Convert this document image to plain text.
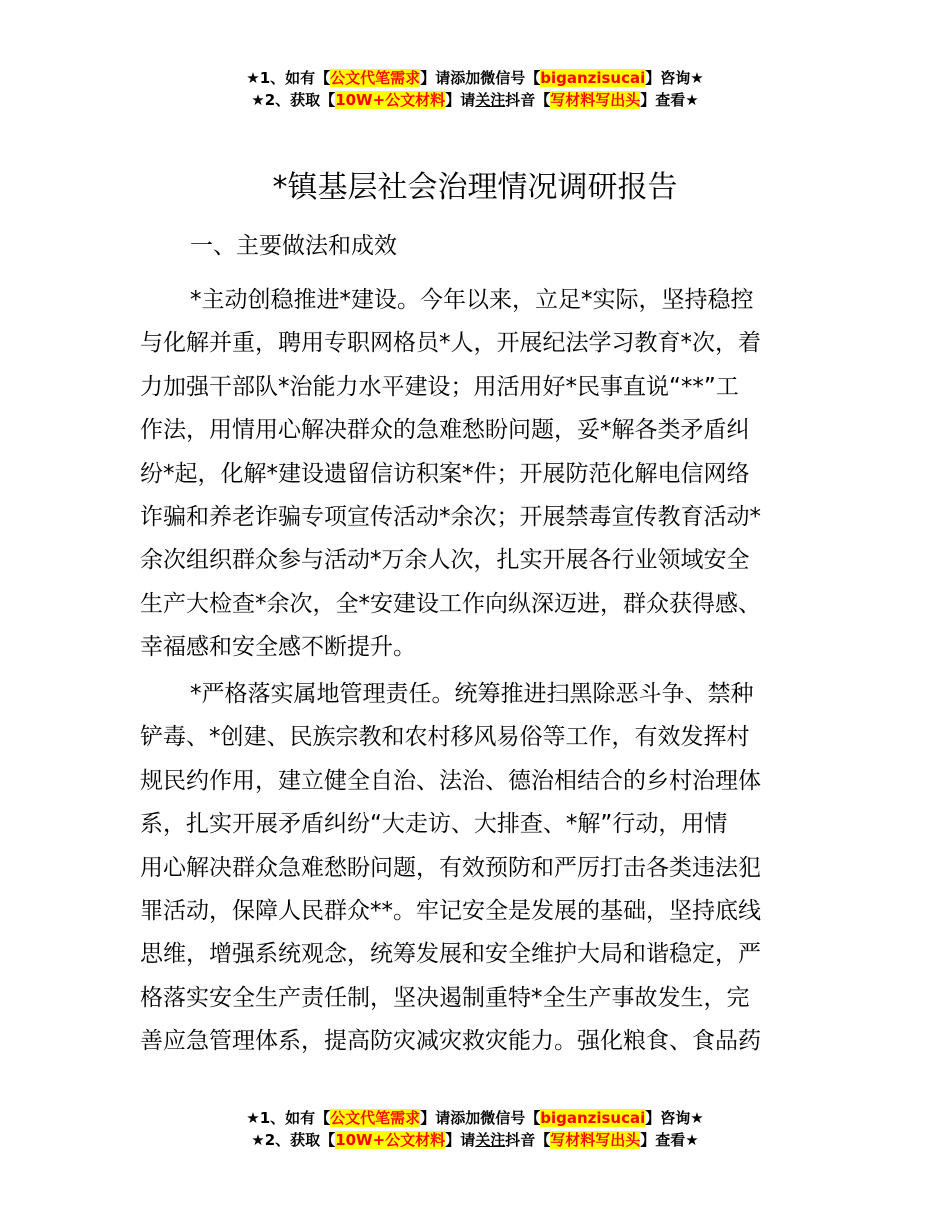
★1、如有【公文代笔需求】请添加微信号【biganzisucai】咨询★
★2、获取【10W+公文材料】请关注抖音【写材料写出头】查看★
*镇基层社会治理情况调研报告
一、主要做法和成效
*主动创稳推进*建设。今年以来，立足*实际，坚持稳控
与化解并重，聘用专职网格员*人，开展纪法学习教育*次，着
力加强干部队*治能力水平建设；用活用好*民事直说“**”工
作法，用情用心解决群众的急难愁盼问题，妥*解各类矛盾纠
纷*起，化解*建设遗留信访积案*件；开展防范化解电信网络
诈骗和养老诈骗专项宣传活动*余次；开展禁毒宣传教育活动*
余次组织群众参与活动*万余人次，扎实开展各行业领域安全
生产大检查*余次，全*安建设工作向纵深迈进，群众获得感、
幸福感和安全感不断提升。
*严格落实属地管理责任。统筹推进扫黑除恶斗争、禁种
铲毒、*创建、民族宗教和农村移风易俗等工作，有效发挥村
规民约作用，建立健全自治、法治、德治相结合的乡村治理体
系，扎实开展矛盾纠纷“大走访、大排查、*解”行动，用情
用心解决群众急难愁盼问题，有效预防和严厉打击各类违法犯
罪活动，保障人民群众**。牢记安全是发展的基础，坚持底线
思维，增强系统观念，统筹发展和安全维护大局和谐稳定，严
格落实安全生产责任制，坚决遏制重特*全生产事故发生，完
善应急管理体系，提高防灾减灾救灾能力。强化粮食、食品药
★1、如有【公文代笔需求】请添加微信号【biganzisucai】咨询★
★2、获取【10W+公文材料】请关注抖音【写材料写出头】查看★
